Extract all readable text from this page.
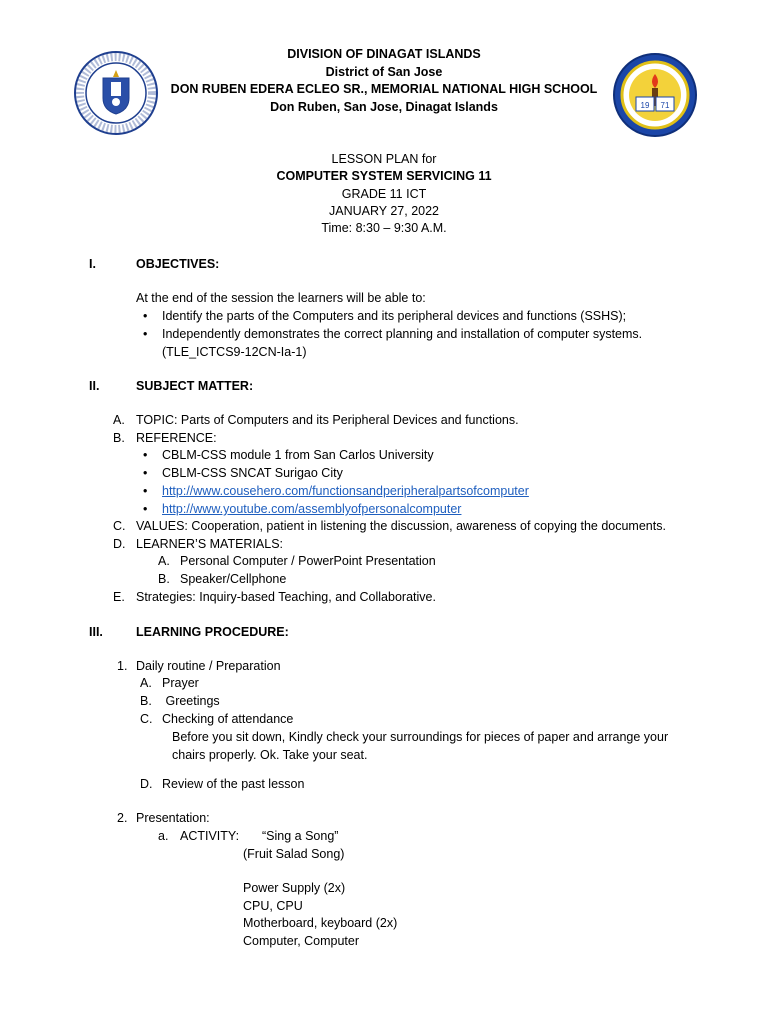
19 71
DIVISION OF DINAGAT ISLANDS
District of San Jose
DON RUBEN EDERA ECLEO SR., MEMORIAL NATIONAL HIGH SCHOOL
Don Ruben, San Jose, Dinagat Islands
LESSON PLAN for
COMPUTER SYSTEM SERVICING 11
GRADE 11 ICT
JANUARY 27, 2022
Time: 8:30 – 9:30 A.M.
I.	OBJECTIVES:
At the end of the session the learners will be able to:
• Identify the parts of the Computers and its peripheral devices and functions (SSHS);
• Independently demonstrates the correct planning and installation of computer systems.
(TLE_ICTCS9-12CN-Ia-1)
II.	SUBJECT MATTER:
A. TOPIC: Parts of Computers and its Peripheral Devices and functions.
B. REFERENCE:
• CBLM-CSS module 1 from San Carlos University
• CBLM-CSS SNCAT Surigao City
• http://www.cousehero.com/functionsandperipheralpartsofcomputer
• http://www.youtube.com/assemblyofpersonalcomputer
C. VALUES: Cooperation, patient in listening the discussion, awareness of copying the documents.
D. LEARNER’S MATERIALS:
A. Personal Computer / PowerPoint Presentation
B. Speaker/Cellphone
E. Strategies: Inquiry-based Teaching, and Collaborative.
III.	LEARNING PROCEDURE:
1. Daily routine / Preparation
A. Prayer
B. Greetings
C. Checking of attendance
Before you sit down, Kindly check your surroundings for pieces of paper and arrange your
chairs properly. Ok. Take your seat.
D. Review of the past lesson
2. Presentation:
a. ACTIVITY: “Sing a Song”
(Fruit Salad Song)
Power Supply (2x)
CPU, CPU
Motherboard, keyboard (2x)
Computer, Computer
